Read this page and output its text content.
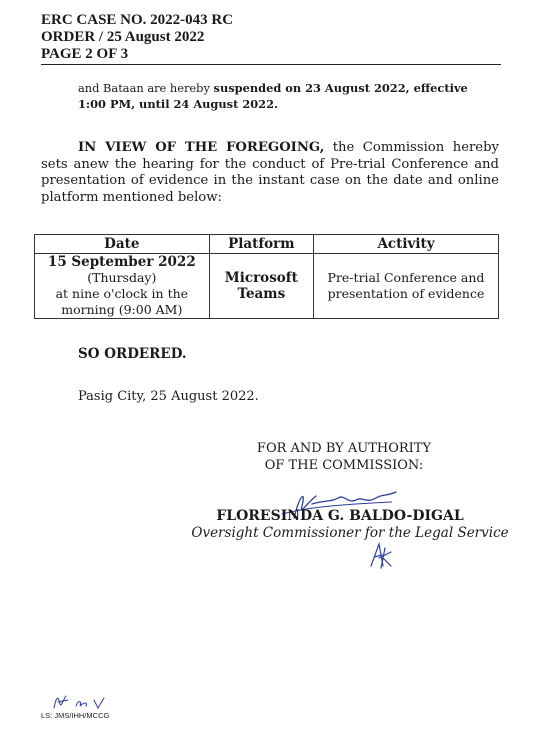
ERC CASE NO. 2022-043 RC
ORDER / 25 August 2022
PAGE 2 OF 3
and Bataan are hereby suspended on 23 August 2022, effective 1:00 PM, until 24 August 2022.
IN VIEW OF THE FOREGOING, the Commission hereby sets anew the hearing for the conduct of Pre-trial Conference and presentation of evidence in the instant case on the date and online platform mentioned below:
Date	Platform	Activity

15 September 2022
(Thursday)
at nine o'clock in the morning (9:00 AM)	Microsoft Teams	Pre-trial Conference and presentation of evidence
SO ORDERED.
Pasig City, 25 August 2022.
FOR AND BY AUTHORITY
OF THE COMMISSION:
FLORESINDA G. BALDO-DIGAL
Oversight Commissioner for the Legal Service
LS: JMS/IHH/MCCG
